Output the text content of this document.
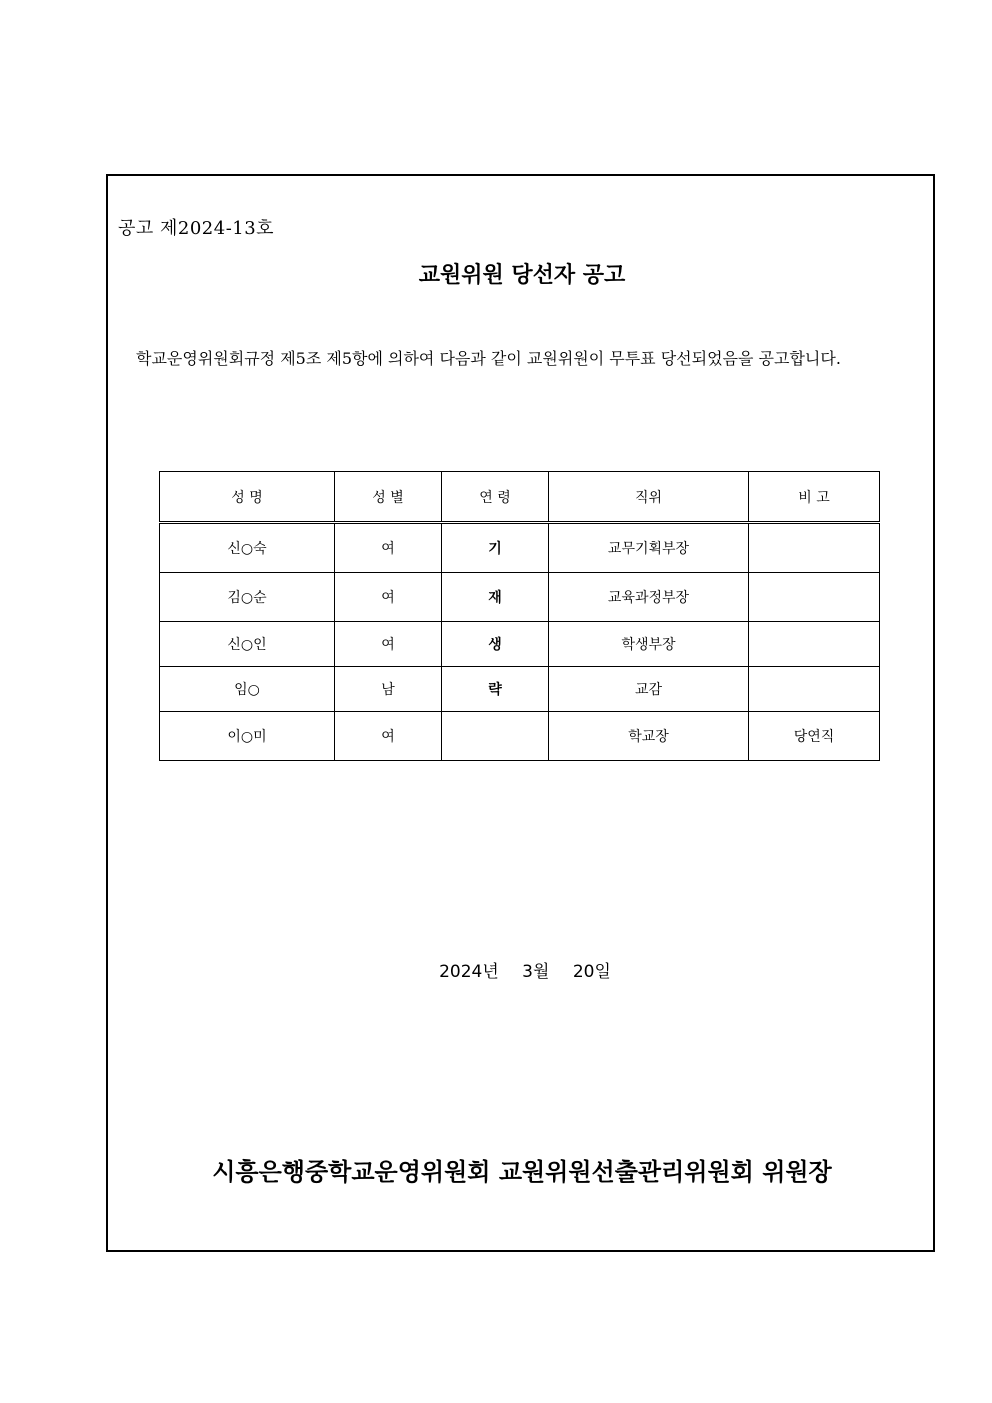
공고 제2024-13호
교원위원 당선자 공고
학교운영위원회규정 제5조 제5항에 의하여 다음과 같이 교원위원이 무투표 당선되었음을 공고합니다.
성 명	성 별	연 령	직위	비 고
신○숙	여	기	교무기획부장	
김○순	여	재	교육과정부장	
신○인	여	생	학생부장	
임○	남	략	교감	
이○미	여		학교장	당연직
2024년 3월 20일
시흥은행중학교운영위원회 교원위원선출관리위원회 위원장
